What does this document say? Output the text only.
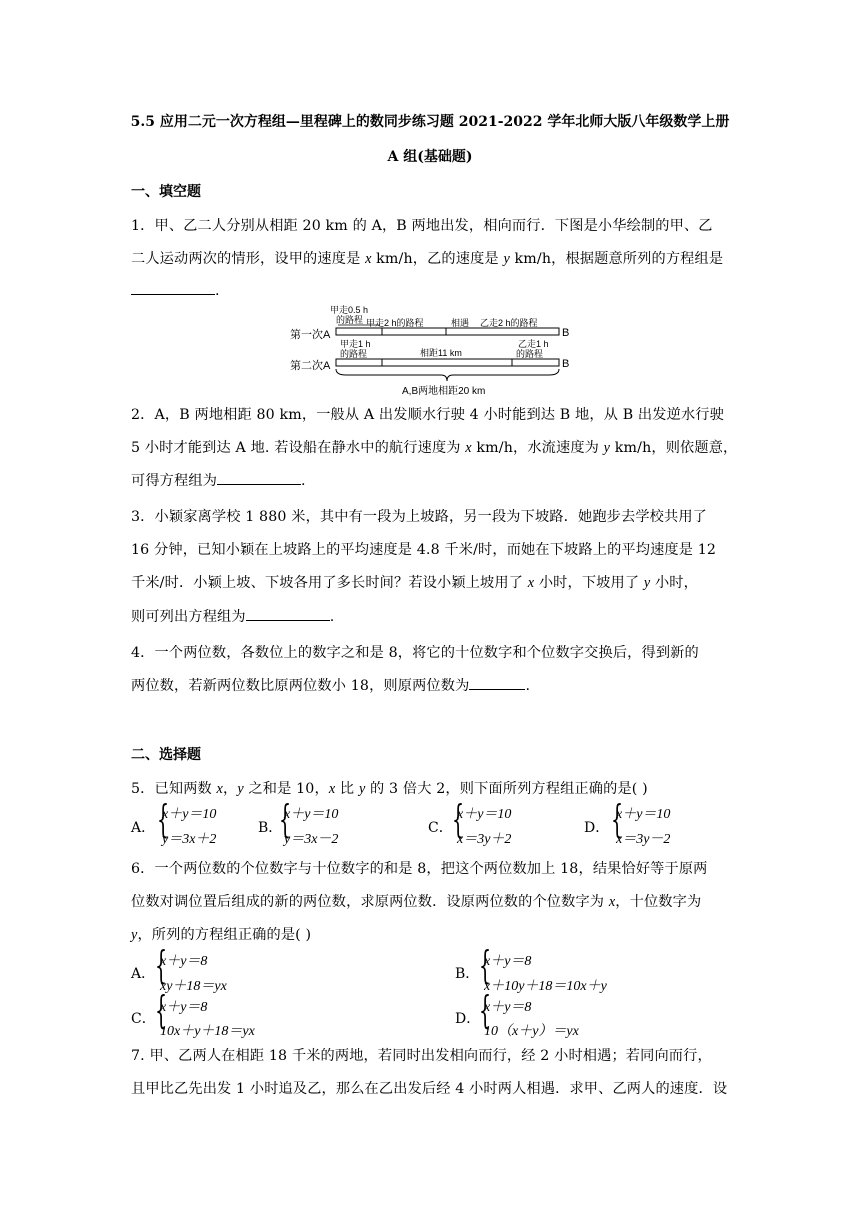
5.5 应用二元一次方程组—里程碑上的数同步练习题 2021-2022 学年北师大版八年级数学上册
A 组(基础题)
一、填空题
1．甲、乙二人分别从相距 20 km 的 A，B 两地出发，相向而行．下图是小华绘制的甲、乙
二人运动两次的情形，设甲的速度是 x km/h，乙的速度是 y km/h，根据题意所列的方程组是
.
第一次A	B
甲走0.5 h
的路程 甲走2 h的路程	相遇 乙走2 h的路程
第二次A	B
甲走1 h
的路程	相距11 km
乙走1 h
的路程
A,B两地相距20 km
2．A，B 两地相距 80 km，一般从 A 出发顺水行驶 4 小时能到达 B 地，从 B 出发逆水行驶
5 小时才能到达 A 地. 若设船在静水中的航行速度为 x km/h，水流速度为 y km/h，则依题意，
可得方程组为	.
3．小颖家离学校 1 880 米，其中有一段为上坡路，另一段为下坡路．她跑步去学校共用了
16 分钟，已知小颖在上坡路上的平均速度是 4.8 千米/时，而她在下坡路上的平均速度是 12
千米/时．小颖上坡、下坡各用了多长时间？若设小颖上坡用了 x 小时，下坡用了 y 小时，
则可列出方程组为	.
4．一个两位数，各数位上的数字之和是 8，将它的十位数字和个位数字交换后，得到新的
两位数，若新两位数比原两位数小 18，则原两位数为	.
二、选择题
5．已知两数 x，y 之和是 10，x 比 y 的 3 倍大 2，则下面所列方程组正确的是( )
A． {
x＋y＝10
y＝3x＋2
B．
{
x＋y＝10
y＝3x－2
C． {
x＋y＝10
x＝3y＋2
D． {
x＋y＝10
x＝3y－2
6．一个两位数的个位数字与十位数字的和是 8，把这个两位数加上 18，结果恰好等于原两
位数对调位置后组成的新的两位数，求原两位数．设原两位数的个位数字为 x，十位数字为
y，所列的方程组正确的是( )
A． {
x＋y＝8
xy＋18＝yx
B． {
x＋y＝8
x＋10y＋18＝10x＋y
C． {
x＋y＝8
10x＋y＋18＝yx
D．
{
x＋y＝8
10（x＋y）＝yx
7. 甲、乙两人在相距 18 千米的两地，若同时出发相向而行，经 2 小时相遇；若同向而行，
且甲比乙先出发 1 小时追及乙，那么在乙出发后经 4 小时两人相遇．求甲、乙两人的速度．设
